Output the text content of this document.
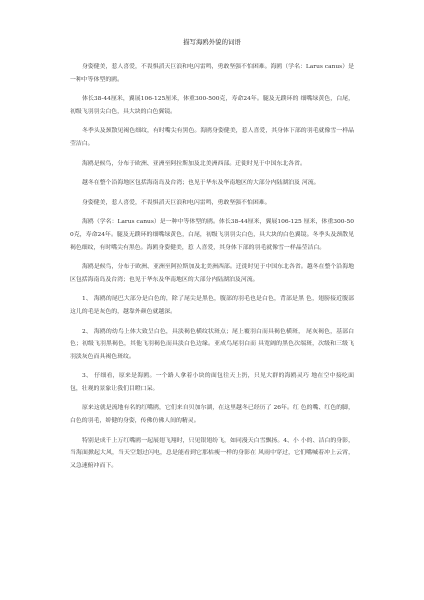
描写海鸥外貌的词语

身姿健美，惹人喜爱，不畏惧滔天巨浪和电闪雷鸣，勇敢坚强不怕困难。海鸥（学名：Larus canus）是一种中等体型的鸥。

体长38-44厘米，翼展106-125厘米，体重300-500克，寿命24年。腿及无蹼环的 细嘴绿黄色，白尾，初级飞羽羽尖白色，具大块的白色翼镜。

冬季头及颈散见褐色细纹，有时嘴尖有黑色。海鸥身姿健美，惹人喜爱，其身体下部的羽毛就像雪一样晶莹洁白。

海鸥是候鸟，分布于欧洲、亚洲至阿拉斯加及北美洲西部。迁徙时见于中国东北各省。

越冬在整个沿海地区包括海南岛及台湾；也见于华东及华南地区的大部分内陆湖泊及 河流。

身姿健美，惹人喜爱，不畏惧滔天巨浪和电闪雷鸣，勇敢坚强不怕困难。

海鸥（学名：Larus canus）是一种中等体型的鸥。体长38-44厘米，翼展106-125 厘米，体重300-500克，寿命24年。腿及无蹼环的细嘴绿黄色，白尾，初级飞羽羽尖白色，具大块的白色翼镜。冬季头及颈散见褐色细纹，有时嘴尖有黑色。海鸥身姿健美，惹 人喜爱，其身体下部的羽毛就像雪一样晶莹洁白。

海鸥是候鸟，分布于欧洲、亚洲至阿拉斯加及北美洲西部。迁徙时见于中国东北各省。越冬在整个沿海地区包括海南岛及台湾；也见于华东及华南地区的大部分内陆湖泊及河流。

1、 海鸥的尾巴大部分是白色的，除了尾尖是黑色，腹部的羽毛也是白色，背部是黑 色，翅膀接近腹部这儿的毛是灰色的，越靠外颜色就越深。

2、 海鸥的幼鸟上体大致呈白色，具淡褐色横纹状斑点；尾上覆羽白而具褐色横斑， 尾灰褐色，基部白色；初级飞羽黑褐色，其他飞羽褐色而具淡白色边缘。亚成鸟尾羽白而 具宽阔的黑色次端斑，次级和三级飞羽淡灰色而具褐色斑纹。

3、 仔细看，原来是海鸥。一个路人拿着小块的面包往天上扔，只见大群的海鸥灵巧 地在空中接吃面包，壮观的景象让我们目瞪口呆。

原来这就是流地有名的红嘴鸥，它们来自贝加尔湖，在这里越冬已经历了 26年。红 色的嘴、红色的脚，白色的羽毛，娇健的身姿，传佛仿佛人间的精灵。

特别是成千上万红嘴鸥一起展翅飞翔时，只见银翅纷飞，如同漫天白雪飘扬。4、小 小的、洁白的身影，当海面掀起大风，当天空划过闪电，总是能看到它那枯瘦一样的身影在 风雨中穿过，它们嘴喊着冲上云霄，又急速俯冲而下。
